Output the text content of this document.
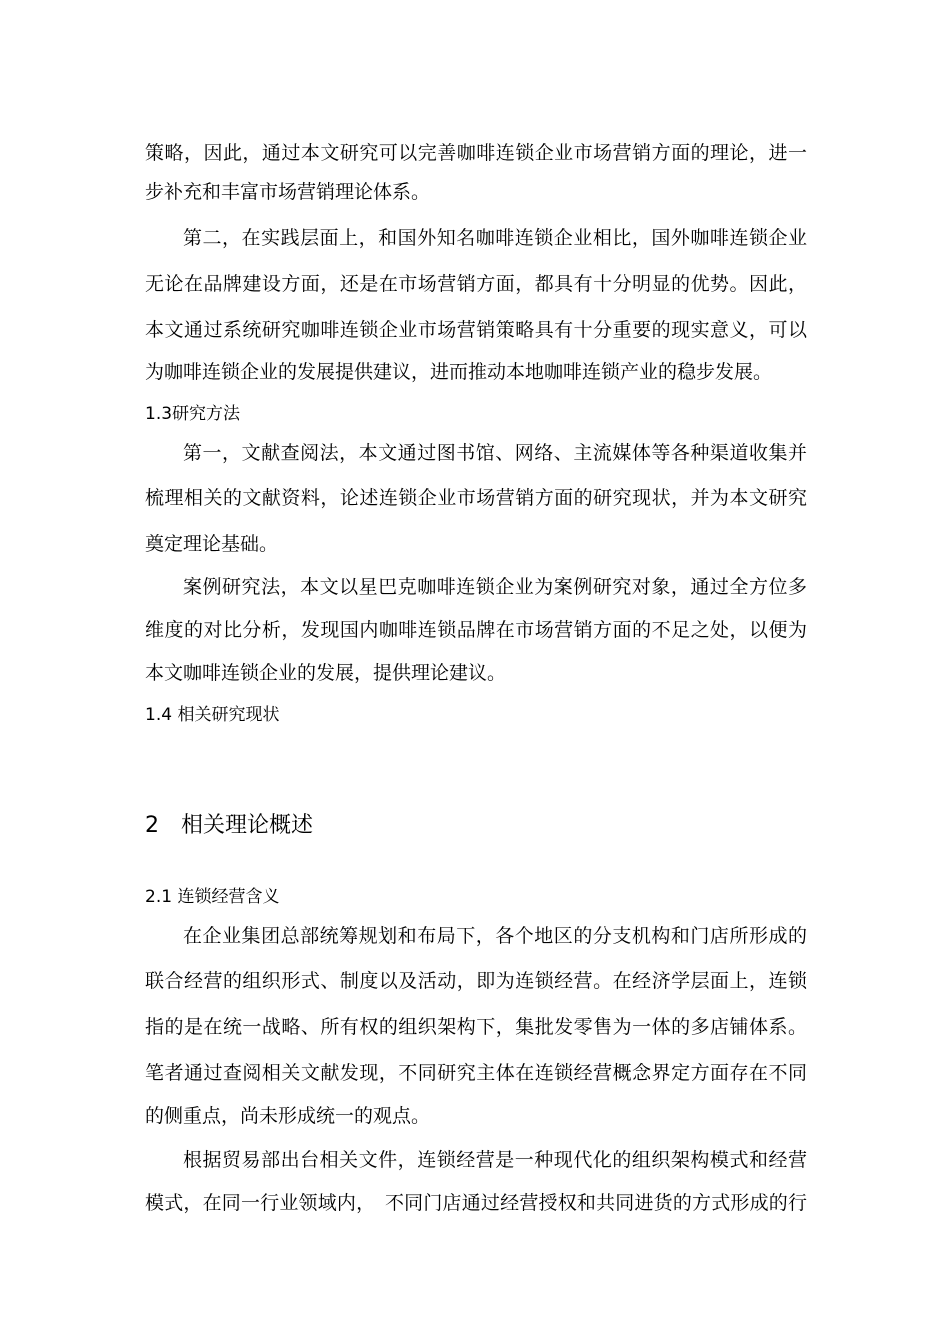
策略，因此，通过本文研究可以完善咖啡连锁企业市场营销方面的理论，进一
步补充和丰富市场营销理论体系。
第二，在实践层面上，和国外知名咖啡连锁企业相比，国外咖啡连锁企业
无论在品牌建设方面，还是在市场营销方面，都具有十分明显的优势。因此，
本文通过系统研究咖啡连锁企业市场营销策略具有十分重要的现实意义，可以
为咖啡连锁企业的发展提供建议，进而推动本地咖啡连锁产业的稳步发展。
1.3研究方法
第一，文献查阅法，本文通过图书馆、网络、主流媒体等各种渠道收集并
梳理相关的文献资料，论述连锁企业市场营销方面的研究现状，并为本文研究
奠定理论基础。
案例研究法，本文以星巴克咖啡连锁企业为案例研究对象，通过全方位多
维度的对比分析，发现国内咖啡连锁品牌在市场营销方面的不足之处，以便为
本文咖啡连锁企业的发展，提供理论建议。
1.4 相关研究现状
2　相关理论概述
2.1 连锁经营含义
在企业集团总部统筹规划和布局下，各个地区的分支机构和门店所形成的
联合经营的组织形式、制度以及活动，即为连锁经营。在经济学层面上，连锁
指的是在统一战略、所有权的组织架构下，集批发零售为一体的多店铺体系。
笔者通过查阅相关文献发现，不同研究主体在连锁经营概念界定方面存在不同
的侧重点，尚未形成统一的观点。
根据贸易部出台相关文件，连锁经营是一种现代化的组织架构模式和经营
模式，在同一行业领域内，　不同门店通过经营授权和共同进货的方式形成的行
